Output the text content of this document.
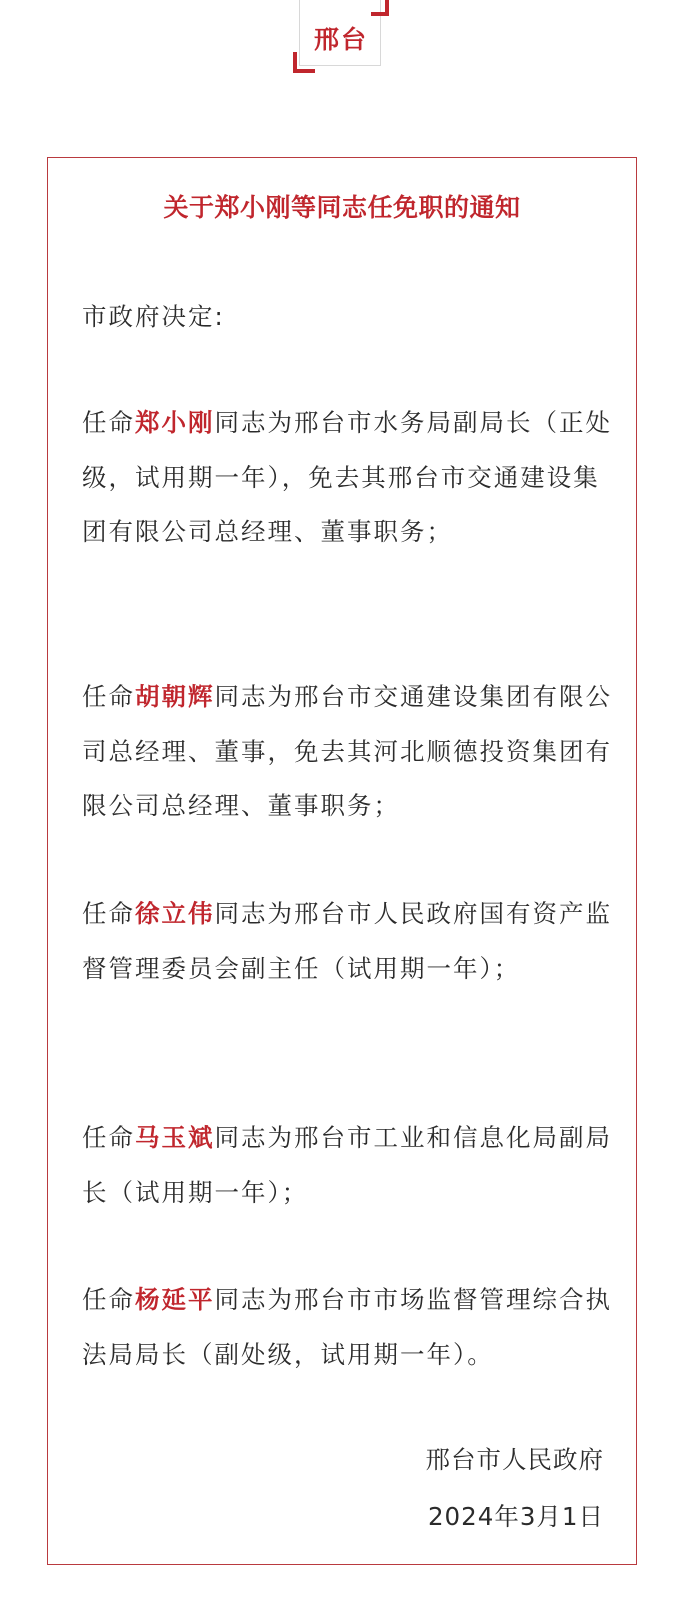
邢台
关于郑小刚等同志任免职的通知

市政府决定:

任命郑小刚同志为邢台市水务局副局长（正处级，试用期一年），免去其邢台市交通建设集团有限公司总经理、董事职务；

任命胡朝辉同志为邢台市交通建设集团有限公司总经理、董事，免去其河北顺德投资集团有限公司总经理、董事职务；

任命徐立伟同志为邢台市人民政府国有资产监督管理委员会副主任（试用期一年）；

任命马玉斌同志为邢台市工业和信息化局副局长（试用期一年）；

任命杨延平同志为邢台市市场监督管理综合执法局局长（副处级，试用期一年）。

邢台市人民政府
2024年3月1日
